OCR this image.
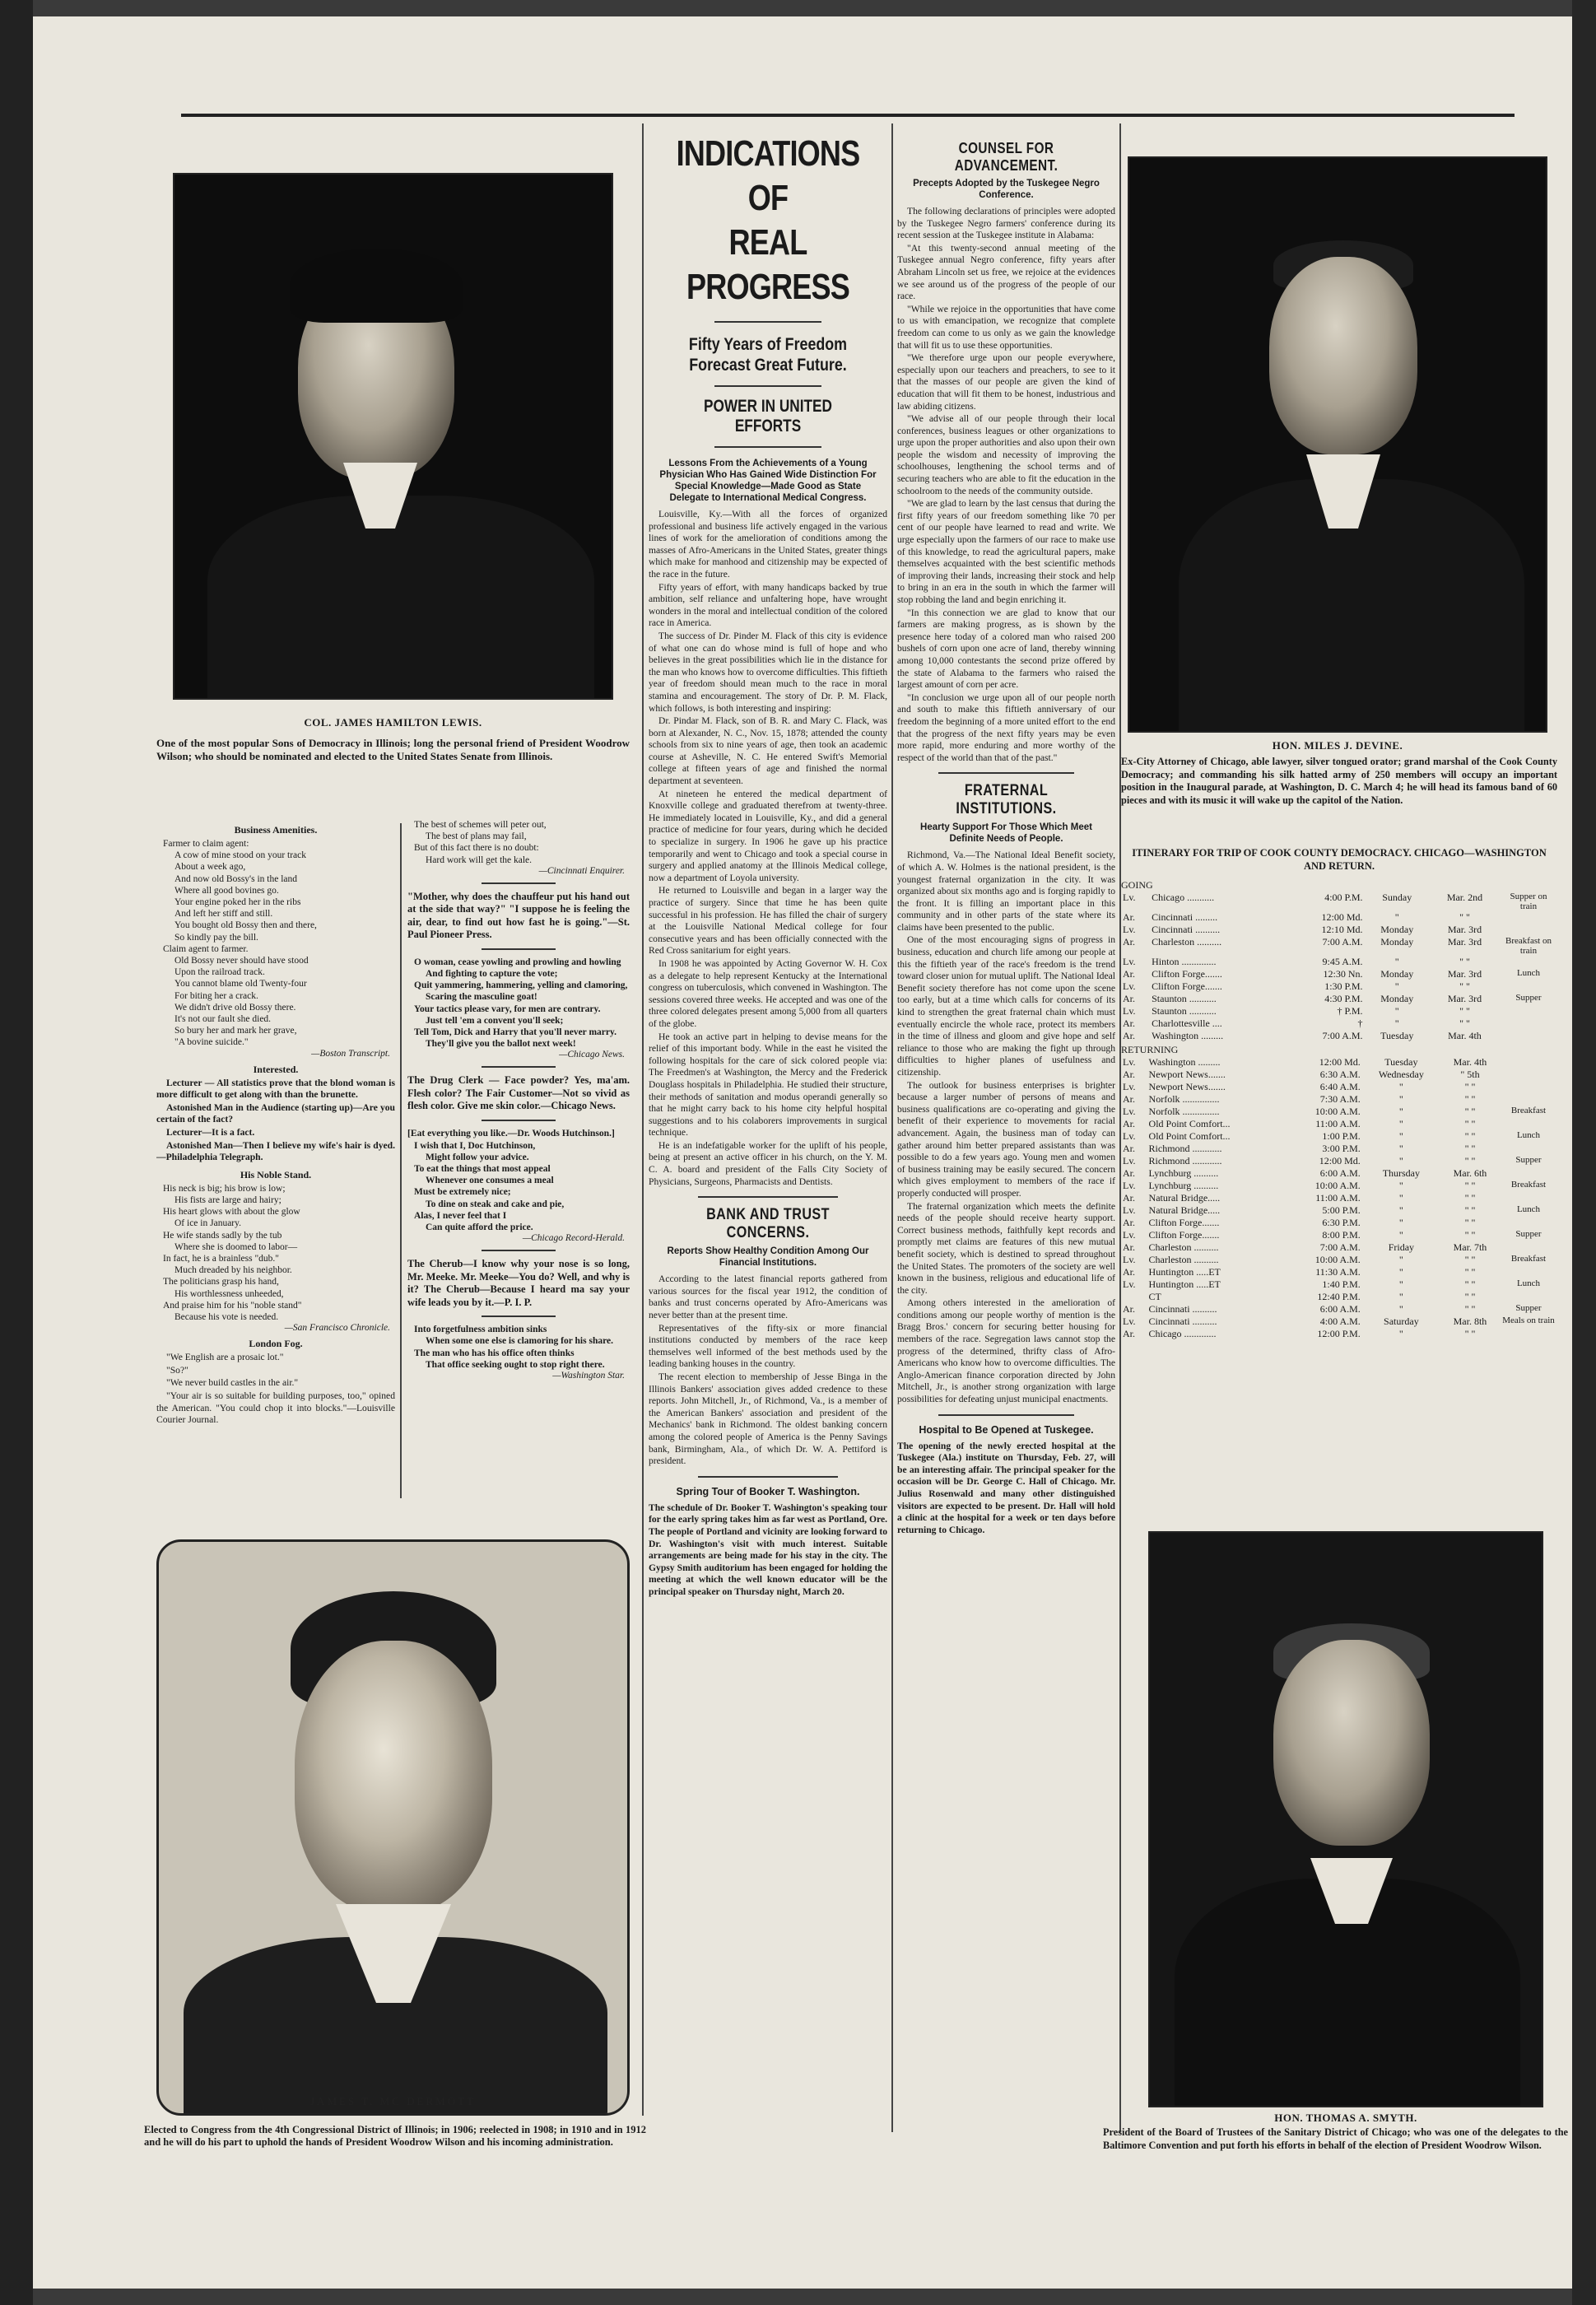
COL. JAMES HAMILTON LEWIS.
One of the most popular Sons of Democracy in Illinois; long the personal friend of President Woodrow Wilson; who should be nominated and elected to the United States Senate from Illinois.
Business Amenities.
Farmer to claim agent:
A cow of mine stood on your track
About a week ago,
And now old Bossy's in the land
Where all good bovines go.
Your engine poked her in the ribs
And left her stiff and still.
You bought old Bossy then and there,
So kindly pay the bill.
Claim agent to farmer.
Old Bossy never should have stood
Upon the railroad track.
You cannot blame old Twenty-four
For biting her a crack.
We didn't drive old Bossy there.
It's not our fault she died.
So bury her and mark her grave,
"A bovine suicide."
—Boston Transcript.
Interested.

Lecturer — All statistics prove that the blond woman is more difficult to get along with than the brunette.

Astonished Man in the Audience (starting up)—Are you certain of the fact?

Lecturer—It is a fact.

Astonished Man—Then I believe my wife's hair is dyed.—Philadelphia Telegraph.

His Noble Stand.
His neck is big; his brow is low;
His fists are large and hairy;
His heart glows with about the glow
Of ice in January.
He wife stands sadly by the tub
Where she is doomed to labor—
In fact, he is a brainless "dub."
Much dreaded by his neighbor.
The politicians grasp his hand,
His worthlessness unheeded,
And praise him for his "noble stand"
Because his vote is needed.
—San Francisco Chronicle.
London Fog.

"We English are a prosaic lot."

"So?"

"We never build castles in the air."

"Your air is so suitable for building purposes, too," opined the American. "You could chop it into blocks."—Louisville Courier Journal.

The best of schemes will peter out,
The best of plans may fail,
But of this fact there is no doubt:
Hard work will get the kale.
—Cincinnati Enquirer.
"Mother, why does the chauffeur put his hand out at the side that way?" "I suppose he is feeling the air, dear, to find out how fast he is going."—St. Paul Pioneer Press.
O woman, cease yowling and prowling and howling
And fighting to capture the vote;
Quit yammering, hammering, yelling and clamoring,
Scaring the masculine goat!
Your tactics please vary, for men are contrary.
Just tell 'em a convent you'll seek;
Tell Tom, Dick and Harry that you'll never marry.
They'll give you the ballot next week!
—Chicago News.
The Drug Clerk — Face powder? Yes, ma'am. Flesh color? The Fair Customer—Not so vivid as flesh color. Give me skin color.—Chicago News.
[Eat everything you like.—Dr. Woods Hutchinson.]
I wish that I, Doc Hutchinson,
Might follow your advice.
To eat the things that most appeal
Whenever one consumes a meal
Must be extremely nice;
To dine on steak and cake and pie,
Alas, I never feel that I
Can quite afford the price.
—Chicago Record-Herald.
The Cherub—I know why your nose is so long, Mr. Meeke. Mr. Meeke—You do? Well, and why is it? The Cherub—Because I heard ma say your wife leads you by it.—P. I. P.
Into forgetfulness ambition sinks
When some one else is clamoring for his share.
The man who has his office often thinks
That office seeking ought to stop right there.
—Washington Star.
JAMES T. MC DERMOTT
Elected to Congress from the 4th Congressional District of Illinois; in 1906; reelected in 1908; in 1910 and in 1912 and he will do his part to uphold the hands of President Woodrow Wilson and his incoming administration.
INDICATIONS OF
REAL PROGRESS
Fifty Years of Freedom Forecast Great Future.
POWER IN UNITED EFFORTS
Lessons From the Achievements of a Young Physician Who Has Gained Wide Distinction For Special Knowledge—Made Good as State Delegate to International Medical Congress.

Louisville, Ky.—With all the forces of organized professional and business life actively engaged in the various lines of work for the amelioration of conditions among the masses of Afro-Americans in the United States, greater things which make for manhood and citizenship may be expected of the race in the future.

Fifty years of effort, with many handicaps backed by true ambition, self reliance and unfaltering hope, have wrought wonders in the moral and intellectual condition of the colored race in America.

The success of Dr. Pinder M. Flack of this city is evidence of what one can do whose mind is full of hope and who believes in the great possibilities which lie in the distance for the man who knows how to overcome difficulties. This fiftieth year of freedom should mean much to the race in moral stamina and encouragement. The story of Dr. P. M. Flack, which follows, is both interesting and inspiring:

Dr. Pindar M. Flack, son of B. R. and Mary C. Flack, was born at Alexander, N. C., Nov. 15, 1878; attended the county schools from six to nine years of age, then took an academic course at Asheville, N. C. He entered Swift's Memorial college at fifteen years of age and finished the normal department at seventeen.

At nineteen he entered the medical department of Knoxville college and graduated therefrom at twenty-three. He immediately located in Louisville, Ky., and did a general practice of medicine for four years, during which he decided to specialize in surgery. In 1906 he gave up his practice temporarily and went to Chicago and took a special course in surgery and applied anatomy at the Illinois Medical college, now a department of Loyola university.

He returned to Louisville and began in a larger way the practice of surgery. Since that time he has been quite successful in his profession. He has filled the chair of surgery at the Louisville National Medical college for four consecutive years and has been officially connected with the Red Cross sanitarium for eight years.

In 1908 he was appointed by Acting Governor W. H. Cox as a delegate to help represent Kentucky at the International congress on tuberculosis, which convened in Washington. The sessions covered three weeks. He accepted and was one of the three colored delegates present among 5,000 from all quarters of the globe.

He took an active part in helping to devise means for the relief of this important body. While in the east he visited the following hospitals for the care of sick colored people via: The Freedmen's at Washington, the Mercy and the Frederick Douglass hospitals in Philadelphia. He studied their structure, their methods of sanitation and modus operandi generally so that he might carry back to his home city helpful hospital suggestions and to his colaborers improvements in surgical technique.

He is an indefatigable worker for the uplift of his people, being at present an active officer in his church, on the Y. M. C. A. board and president of the Falls City Society of Physicians, Surgeons, Pharmacists and Dentists.

BANK AND TRUST CONCERNS.
Reports Show Healthy Condition Among Our Financial Institutions.

According to the latest financial reports gathered from various sources for the fiscal year 1912, the condition of banks and trust concerns operated by Afro-Americans was never better than at the present time.

Representatives of the fifty-six or more financial institutions conducted by members of the race keep themselves well informed of the best methods used by the leading banking houses in the country.

The recent election to membership of Jesse Binga in the Illinois Bankers' association gives added credence to these reports. John Mitchell, Jr., of Richmond, Va., is a member of the American Bankers' association and president of the Mechanics' bank in Richmond. The oldest banking concern among the colored people of America is the Penny Savings bank, Birmingham, Ala., of which Dr. W. A. Pettiford is president.

Spring Tour of Booker T. Washington.
The schedule of Dr. Booker T. Washington's speaking tour for the early spring takes him as far west as Portland, Ore. The people of Portland and vicinity are looking forward to Dr. Washington's visit with much interest. Suitable arrangements are being made for his stay in the city. The Gypsy Smith auditorium has been engaged for holding the meeting at which the well known educator will be the principal speaker on Thursday night, March 20.
COUNSEL FOR ADVANCEMENT.
Precepts Adopted by the Tuskegee Negro Conference.

The following declarations of principles were adopted by the Tuskegee Negro farmers' conference during its recent session at the Tuskegee institute in Alabama:

"At this twenty-second annual meeting of the Tuskegee annual Negro conference, fifty years after Abraham Lincoln set us free, we rejoice at the evidences we see around us of the progress of the people of our race.

"While we rejoice in the opportunities that have come to us with emancipation, we recognize that complete freedom can come to us only as we gain the knowledge that will fit us to use these opportunities.

"We therefore urge upon our people everywhere, especially upon our teachers and preachers, to see to it that the masses of our people are given the kind of education that will fit them to be honest, industrious and law abiding citizens.

"We advise all of our people through their local conferences, business leagues or other organizations to urge upon the proper authorities and also upon their own people the wisdom and necessity of improving the schoolhouses, lengthening the school terms and of securing teachers who are able to fit the education in the schoolroom to the needs of the community outside.

"We are glad to learn by the last census that during the first fifty years of our freedom something like 70 per cent of our people have learned to read and write. We urge especially upon the farmers of our race to make use of this knowledge, to read the agricultural papers, make themselves acquainted with the best scientific methods of improving their lands, increasing their stock and help to bring in an era in the south in which the farmer will stop robbing the land and begin enriching it.

"In this connection we are glad to know that our farmers are making progress, as is shown by the presence here today of a colored man who raised 200 bushels of corn upon one acre of land, thereby winning among 10,000 contestants the second prize offered by the state of Alabama to the farmers who raised the largest amount of corn per acre.

"In conclusion we urge upon all of our people north and south to make this fiftieth anniversary of our freedom the beginning of a more united effort to the end that the progress of the next fifty years may be even more rapid, more enduring and more worthy of the respect of the world than that of the past."

FRATERNAL INSTITUTIONS.
Hearty Support For Those Which Meet Definite Needs of People.

Richmond, Va.—The National Ideal Benefit society, of which A. W. Holmes is the national president, is the youngest fraternal organization in the city. It was organized about six months ago and is forging rapidly to the front. It is filling an important place in this community and in other parts of the state where its claims have been presented to the public.

One of the most encouraging signs of progress in business, education and church life among our people at this the fiftieth year of the race's freedom is the trend toward closer union for mutual uplift. The National Ideal Benefit society therefore has not come upon the scene too early, but at a time which calls for concerns of its kind to strengthen the great fraternal chain which must eventually encircle the whole race, protect its members in the time of illness and gloom and give hope and self reliance to those who are making the fight up through difficulties to higher planes of usefulness and citizenship.

The outlook for business enterprises is brighter because a larger number of persons of means and business qualifications are co-operating and giving the benefit of their experience to movements for racial advancement. Again, the business man of today can gather around him better prepared assistants than was possible to do a few years ago. Young men and women of business training may be easily secured. The concern which gives employment to members of the race if properly conducted will prosper.

The fraternal organization which meets the definite needs of the people should receive hearty support. Correct business methods, faithfully kept records and promptly met claims are features of this new mutual benefit society, which is destined to spread throughout the United States. The promoters of the society are well known in the business, religious and educational life of the city.

Among others interested in the amelioration of conditions among our people worthy of mention is the Bragg Bros.' concern for securing better housing for members of the race. Segregation laws cannot stop the progress of the determined, thrifty class of Afro-Americans who know how to overcome difficulties. The Anglo-American finance corporation directed by John Mitchell, Jr., is another strong organization with large possibilities for defeating unjust municipal enactments.

Hospital to Be Opened at Tuskegee.
The opening of the newly erected hospital at the Tuskegee (Ala.) institute on Thursday, Feb. 27, will be an interesting affair. The principal speaker for the occasion will be Dr. George C. Hall of Chicago. Mr. Julius Rosenwald and many other distinguished visitors are expected to be present. Dr. Hall will hold a clinic at the hospital for a week or ten days before returning to Chicago.
HON. MILES J. DEVINE.
Ex-City Attorney of Chicago, able lawyer, silver tongued orator; grand marshal of the Cook County Democracy; and commanding his silk hatted army of 250 members will occupy an important position in the Inaugural parade, at Washington, D. C. March 4; he will head its famous band of 60 pieces and with its music it will wake up the capitol of the Nation.
ITINERARY FOR TRIP OF COOK COUNTY DEMOCRACY. CHICAGO—WASHINGTON AND RETURN.
GOING
Lv.	Chicago ...........	4:00 P.M.	Sunday	Mar. 2nd	Supper on train
Ar.	Cincinnati .........	12:00 Md.	"	" "	
Lv.	Cincinnati ..........	12:10 Md.	Monday	Mar. 3rd	
Ar.	Charleston ..........	7:00 A.M.	Monday	Mar. 3rd	Breakfast on train
Lv.	Hinton ..............	9:45 A.M.	"	" "	
Ar.	Clifton Forge.......	12:30 Nn.	Monday	Mar. 3rd	Lunch
Lv.	Clifton Forge.......	1:30 P.M.	"	" "	
Ar.	Staunton ...........	4:30 P.M.	Monday	Mar. 3rd	Supper
Lv.	Staunton ...........	† P.M.	"	" "	
Ar.	Charlottesville ....	†	"	" "	
Ar.	Washington .........	7:00 A.M.	Tuesday	Mar. 4th	
RETURNING
Lv.	Washington .........	12:00 Md.	Tuesday	Mar. 4th	
Ar.	Newport News.......	6:30 A.M.	Wednesday	" 5th	
Lv.	Newport News.......	6:40 A.M.	"	" "	
Ar.	Norfolk ...............	7:30 A.M.	"	" "	
Lv.	Norfolk ...............	10:00 A.M.	"	" "	Breakfast
Ar.	Old Point Comfort...	11:00 A.M.	"	" "	
Lv.	Old Point Comfort...	1:00 P.M.	"	" "	Lunch
Ar.	Richmond ............	3:00 P.M.	"	" "	
Lv.	Richmond ............	12:00 Md.	"	" "	Supper
Ar.	Lynchburg ..........	6:00 A.M.	Thursday	Mar. 6th	
Lv.	Lynchburg ..........	10:00 A.M.	"	" "	Breakfast
Ar.	Natural Bridge.....	11:00 A.M.	"	" "	
Lv.	Natural Bridge.....	5:00 P.M.	"	" "	Lunch
Ar.	Clifton Forge.......	6:30 P.M.	"	" "	
Lv.	Clifton Forge.......	8:00 P.M.	"	" "	Supper
Ar.	Charleston ..........	7:00 A.M.	Friday	Mar. 7th	
Lv.	Charleston ..........	10:00 A.M.	"	" "	Breakfast
Ar.	Huntington .....ET	11:30 A.M.	"	" "	
Lv.	Huntington .....ET	1:40 P.M.	"	" "	Lunch
	CT	12:40 P.M.	"	" "	
Ar.	Cincinnati ..........	6:00 A.M.	"	" "	Supper
Lv.	Cincinnati ..........	4:00 A.M.	Saturday	Mar. 8th	Meals on train
Ar.	Chicago .............	12:00 P.M.	"	" "	
HON. THOMAS A. SMYTH.
President of the Board of Trustees of the Sanitary District of Chicago; who was one of the delegates to the Baltimore Convention and put forth his efforts in behalf of the election of President Woodrow Wilson.
